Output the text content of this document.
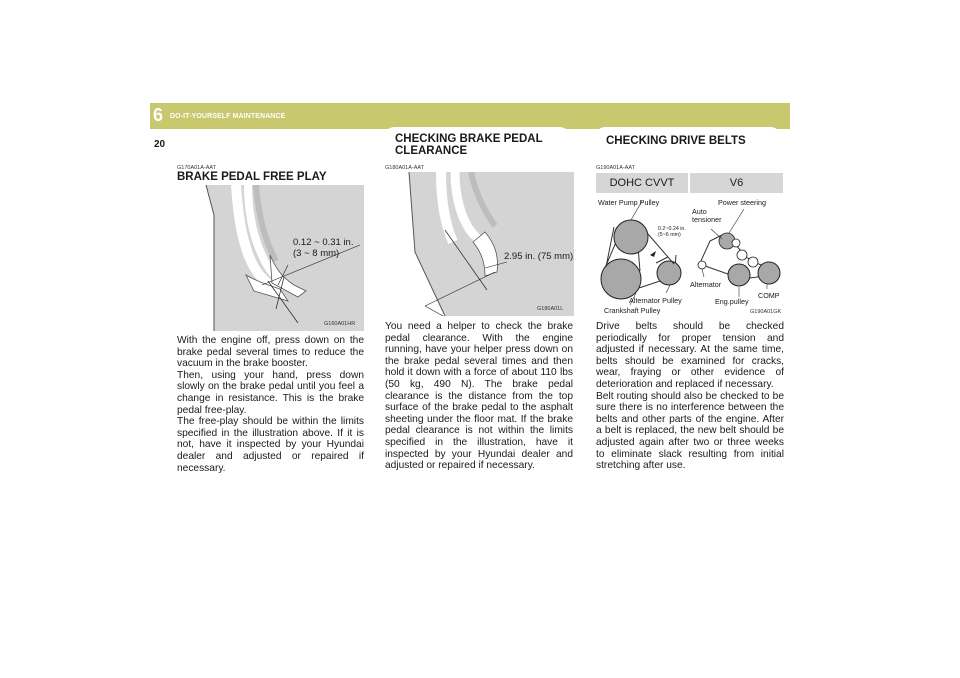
6 DO-IT-YOURSELF MAINTENANCE
20	CHECKING BRAKE PEDAL
CLEARANCE
CHECKING DRIVE BELTS
G170A01A-AAT
BRAKE PEDAL FREE PLAY
0.12 ~ 0.31 in.
(3 ~ 8 mm)
G160A01HR

With the engine off, press down on the brake pedal several times to reduce the vacuum in the brake booster.

Then, using your hand, press down slowly on the brake pedal until you feel a change in resistance. This is the brake pedal free-play.

The free-play should be within the limits specified in the illustration above. If it is not, have it inspected by your Hyundai dealer and adjusted or repaired if necessary.

G180A01A-AAT
2.95 in. (75 mm)
G180A01L

You need a helper to check the brake pedal clearance. With the engine running, have your helper press down on the brake pedal several times and then hold it down with a force of about 110 lbs (50 kg, 490 N). The brake pedal clearance is the distance from the top surface of the brake pedal to the asphalt sheeting under the floor mat. If the brake pedal clearance is not within the limits specified in the illustration, have it inspected by your Hyundai dealer and adjusted or repaired if necessary.

G190A01A-AAT
DOHC CVVT	V6
Water Pump Pulley
0.2~0.24 in.
(5~6 mm)
Alternator Pulley
Crankshaft Pulley
Power steering
Auto
tensioner
Alternator
Eng.pulley
COMP
G190A01GK

Drive belts should be checked periodically for proper tension and adjusted if necessary. At the same time, belts should be examined for cracks, wear, fraying or other evidence of deterioration and replaced if necessary.

Belt routing should also be checked to be sure there is no interference between the belts and other parts of the engine. After a belt is replaced, the new belt should be adjusted again after two or three weeks to eliminate slack resulting from initial stretching after use.
